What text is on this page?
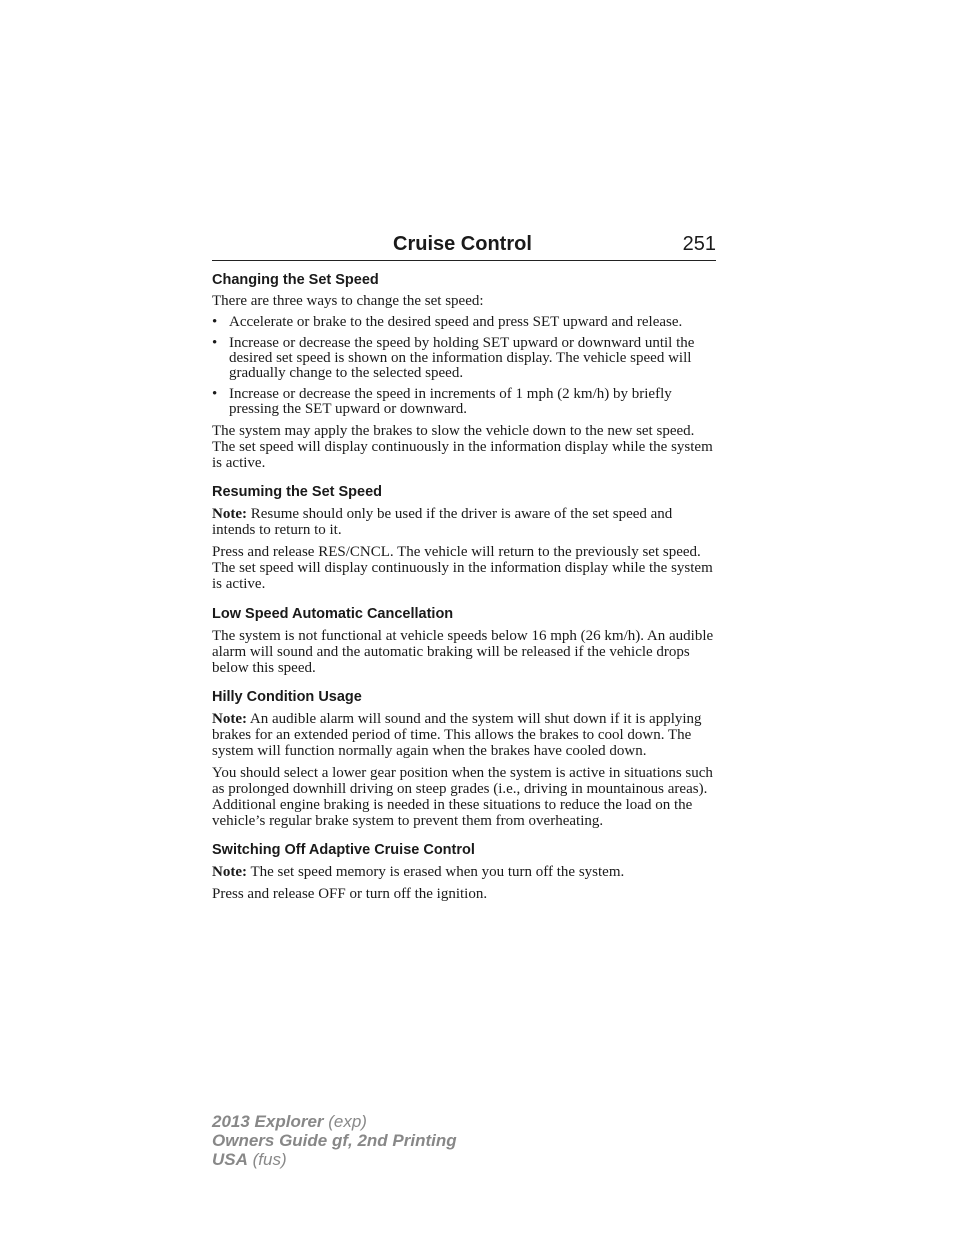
Cruise Control	251
Changing the Set Speed

There are three ways to change the set speed:

• Accelerate or brake to the desired speed and press SET upward and release.
• Increase or decrease the speed by holding SET upward or downward until the desired set speed is shown on the information display. The vehicle speed will gradually change to the selected speed.
• Increase or decrease the speed in increments of 1 mph (2 km/h) by briefly pressing the SET upward or downward.

The system may apply the brakes to slow the vehicle down to the new set speed. The set speed will display continuously in the information display while the system is active.

Resuming the Set Speed

Note: Resume should only be used if the driver is aware of the set speed and intends to return to it.

Press and release RES/CNCL. The vehicle will return to the previously set speed. The set speed will display continuously in the information display while the system is active.

Low Speed Automatic Cancellation

The system is not functional at vehicle speeds below 16 mph (26 km/h). An audible alarm will sound and the automatic braking will be released if the vehicle drops below this speed.

Hilly Condition Usage

Note: An audible alarm will sound and the system will shut down if it is applying brakes for an extended period of time. This allows the brakes to cool down. The system will function normally again when the brakes have cooled down.

You should select a lower gear position when the system is active in situations such as prolonged downhill driving on steep grades (i.e., driving in mountainous areas). Additional engine braking is needed in these situations to reduce the load on the vehicle’s regular brake system to prevent them from overheating.

Switching Off Adaptive Cruise Control

Note: The set speed memory is erased when you turn off the system.

Press and release OFF or turn off the ignition.

2013 Explorer (exp)
Owners Guide gf, 2nd Printing
USA (fus)
